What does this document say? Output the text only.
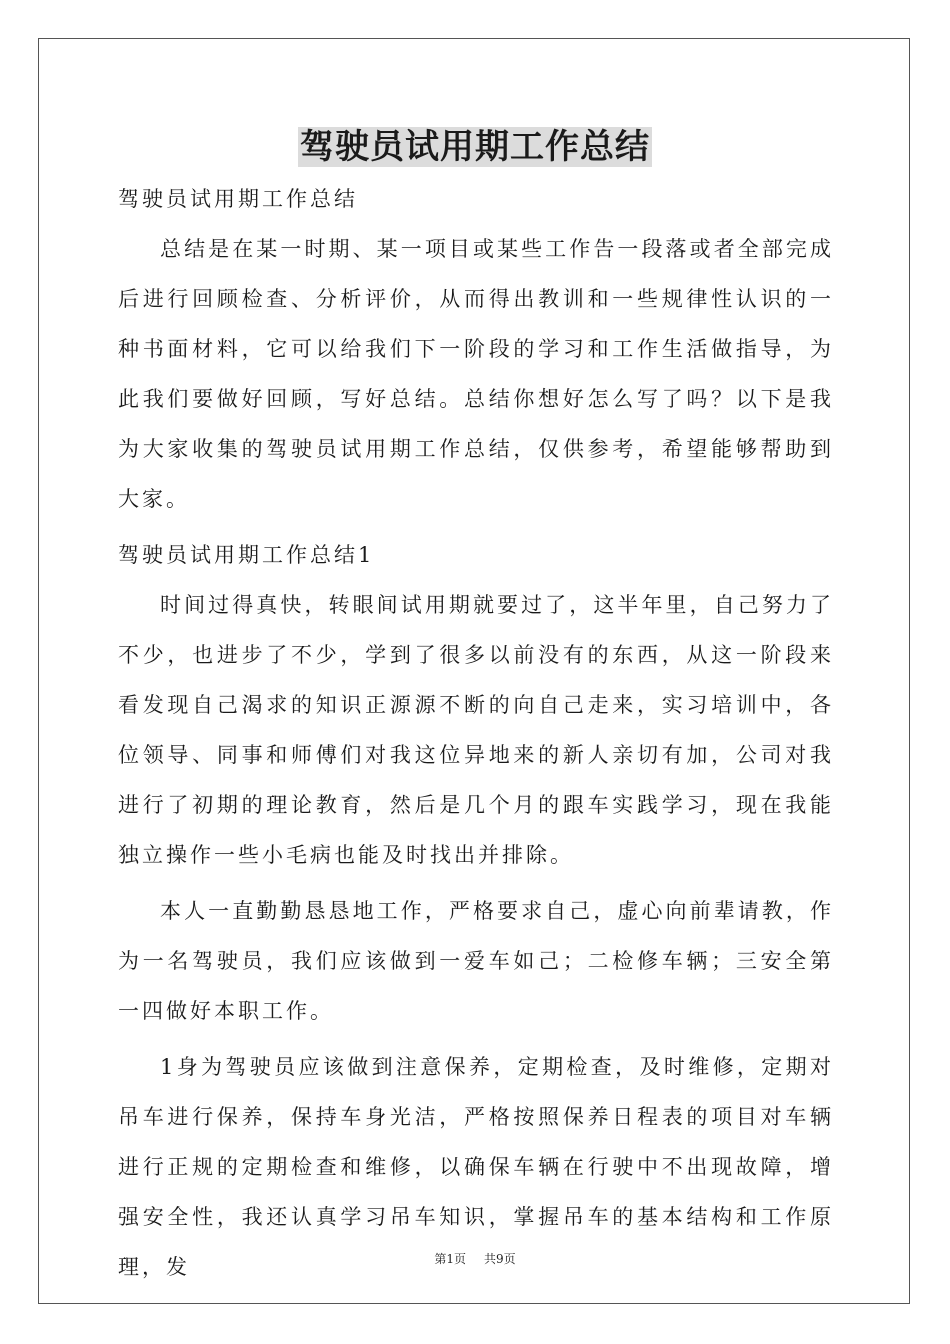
驾驶员试用期工作总结

驾驶员试用期工作总结

总结是在某一时期、某一项目或某些工作告一段落或者全部完成后进行回顾检查、分析评价，从而得出教训和一些规律性认识的一种书面材料，它可以给我们下一阶段的学习和工作生活做指导，为此我们要做好回顾，写好总结。总结你想好怎么写了吗？以下是我为大家收集的驾驶员试用期工作总结，仅供参考，希望能够帮助到大家。

驾驶员试用期工作总结1

时间过得真快，转眼间试用期就要过了，这半年里，自己努力了不少，也进步了不少，学到了很多以前没有的东西，从这一阶段来看发现自己渴求的知识正源源不断的向自己走来，实习培训中，各位领导、同事和师傅们对我这位异地来的新人亲切有加，公司对我进行了初期的理论教育，然后是几个月的跟车实践学习，现在我能独立操作一些小毛病也能及时找出并排除。

本人一直勤勤恳恳地工作，严格要求自己，虚心向前辈请教，作为一名驾驶员，我们应该做到一爱车如己；二检修车辆；三安全第一四做好本职工作。

1身为驾驶员应该做到注意保养，定期检查，及时维修，定期对吊车进行保养，保持车身光洁，严格按照保养日程表的项目对车辆进行正规的定期检查和维修，以确保车辆在行驶中不出现故障，增强安全性，我还认真学习吊车知识，掌握吊车的基本结构和工作原理，发	第1页 共9页
